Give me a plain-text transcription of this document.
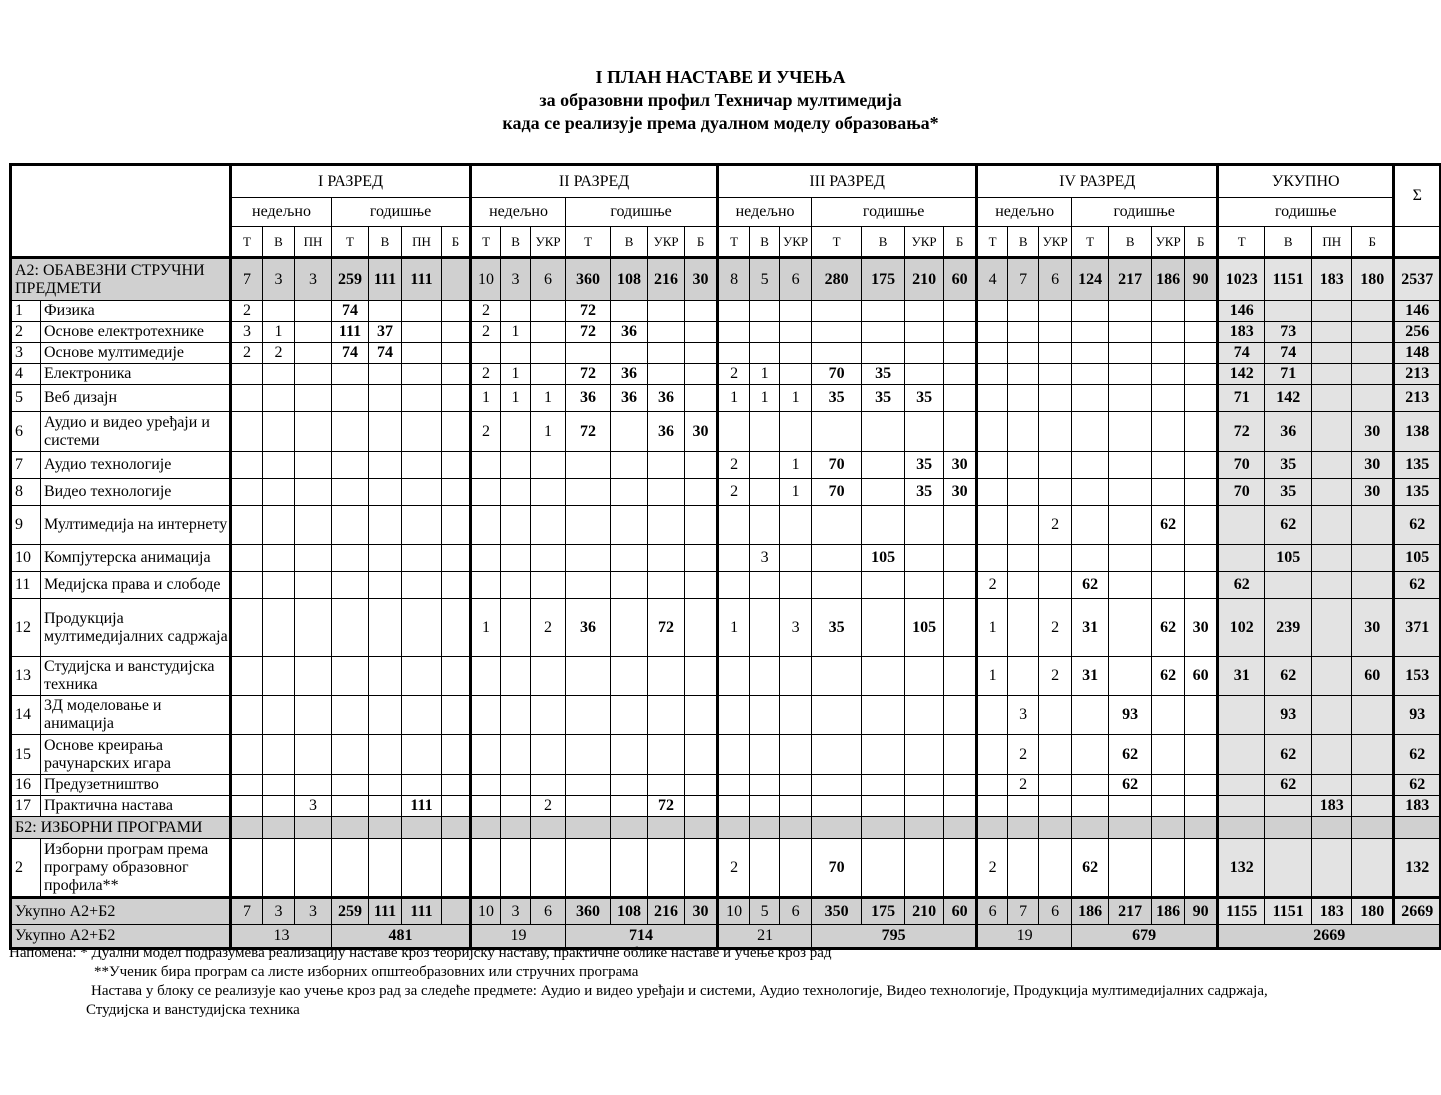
I ПЛАН НАСТАВЕ И УЧЕЊА
за образовни профил Техничар мултимедија
када се реализује према дуалном моделу образовања*
		I РАЗРЕД							II РАЗРЕД							III РАЗРЕД							IV РАЗРЕД							УКУПНО				Σ
		недељно			годишње				недељно			годишње				недељно			годишње				недељно			годишње				годишње				
		Т	В	ПН	Т	В	ПН	Б	Т	В	УКР	Т	В	УКР	Б	Т	В	УКР	Т	В	УКР	Б	Т	В	УКР	Т	В	УКР	Б	Т	В	ПН	Б	
А2: ОБАВЕЗНИ СТРУЧНИ ПРЕДМЕТИ		7	3	3	259	111	111		10	3	6	360	108	216	30	8	5	6	280	175	210	60	4	7	6	124	217	186	90	1023	1151	183	180	2537
1	Физика	2			74				2			72																		146				146
2	Основе електротехнике	3	1		111	37			2	1		72	36																	183	73			256
3	Основе мултимедије	2	2		74	74																								74	74			148
4	Електроника								2	1		72	36			2	1		70	35										142	71			213
5	Веб дизајн								1	1	1	36	36	36		1	1	1	35	35	35									71	142			213
6	Аудио и видео уређаји и системи								2		1	72		36	30															72	36		30	138
7	Аудио технологије															2		1	70		35	30								70	35		30	135
8	Видео технологије															2		1	70		35	30								70	35		30	135
9	Мултимедија на интернету																								2			62			62			62
10	Компјутерска анимација																3			105											105			105
11	Медијска права и слободе																						2			62				62				62
12	Продукција мултимедијалних садржаја								1		2	36		72		1		3	35		105		1		2	31		62	30	102	239		30	371
13	Студијска и ванстудијска техника																						1		2	31		62	60	31	62		60	153
14	3Д моделовање и анимација																							3			93				93			93
15	Основе креирања рачунарских игара																							2			62				62			62
16	Предузетништво																							2			62				62			62
17	Практична настава			3			111				2			72																		183		183
Б2: ИЗБОРНИ ПРОГРАМИ																																		
2	Изборни програм према програму образовног профила**															2			70				2			62				132				132
Укупно А2+Б2		7	3	3	259	111	111		10	3	6	360	108	216	30	10	5	6	350	175	210	60	6	7	6	186	217	186	90	1155	1151	183	180	2669
Укупно А2+Б2		13			481				19			714				21			795				19			679				2669				
Напомена: * Дуални модел подразумева реализацију наставе кроз теоријску наставу, практичне облике наставе и учење кроз рад
**Ученик бира програм са листе изборних општеобразовних или стручних програма
Настава у блоку се реализује као учење кроз рад за следеће предмете: Аудио и видео уређаји и системи, Аудио технологије, Видео технологије, Продукција мултимедијалних садржаја,
Студијска и ванстудијска техника
